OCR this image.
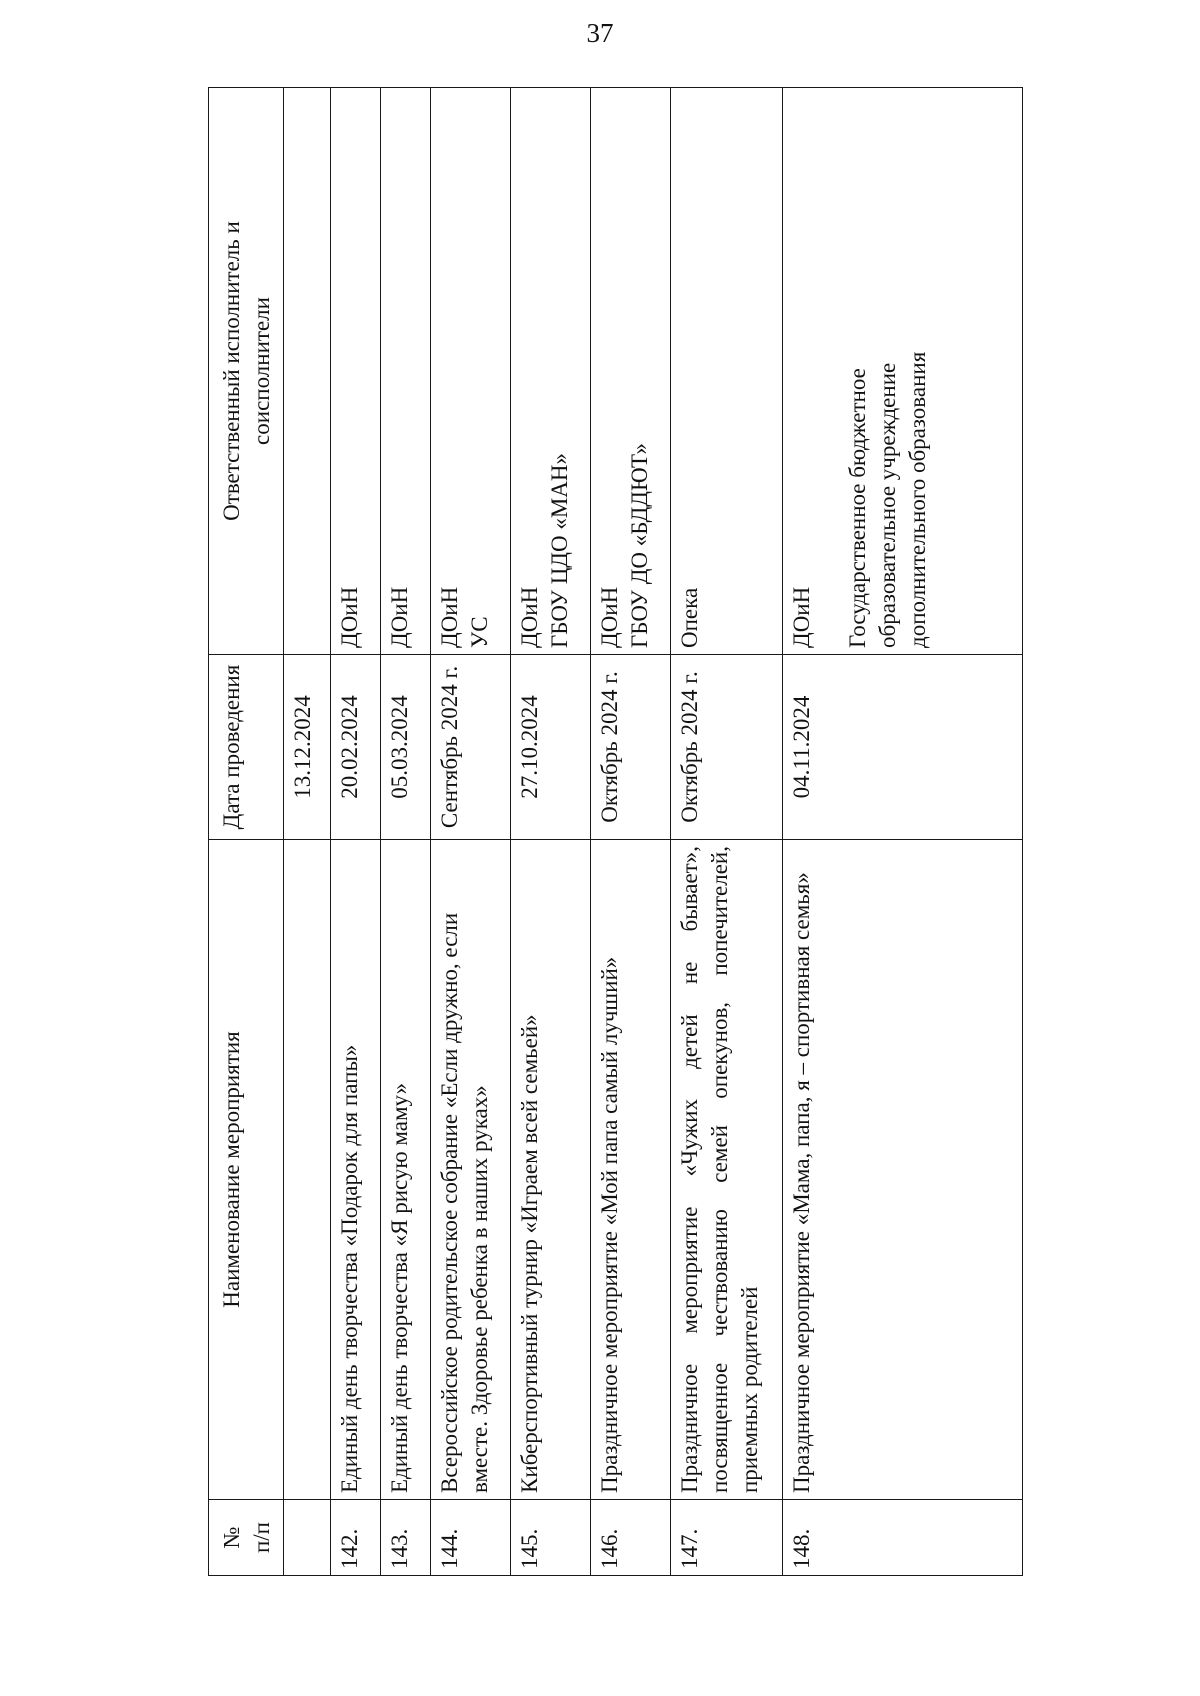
37
№ п/п	Наименование мероприятия	Дата проведения	Ответственный исполнитель и соисполнители

		13.12.2024	
142.	Единый день творчества «Подарок для папы»	20.02.2024	ДОиН

143.	Единый день творчества «Я рисую маму»	05.03.2024	ДОиН

144.	Всероссийское родительское собрание «Если дружно, если вместе. Здоровье ребенка в наших руках»	Сентябрь 2024 г.	ДОиН УС

145.	Киберспортивный турнир «Играем всей семьей»	27.10.2024	ДОиН ГБОУ ЦДО «МАН»

146.	Праздничное мероприятие «Мой папа самый лучший»	Октябрь 2024 г.	ДОиН ГБОУ ДО «БДДЮТ»

147.	Праздничное мероприятие «Чужих детей не бывает», посвященное чествованию семей опекунов, попечителей, приемных родителей	Октябрь 2024 г.	Опека

148.	Праздничное мероприятие «Мама, папа, я – спортивная семья»	04.11.2024	ДОиН Государственное бюджетное образовательное учреждение дополнительного образования
